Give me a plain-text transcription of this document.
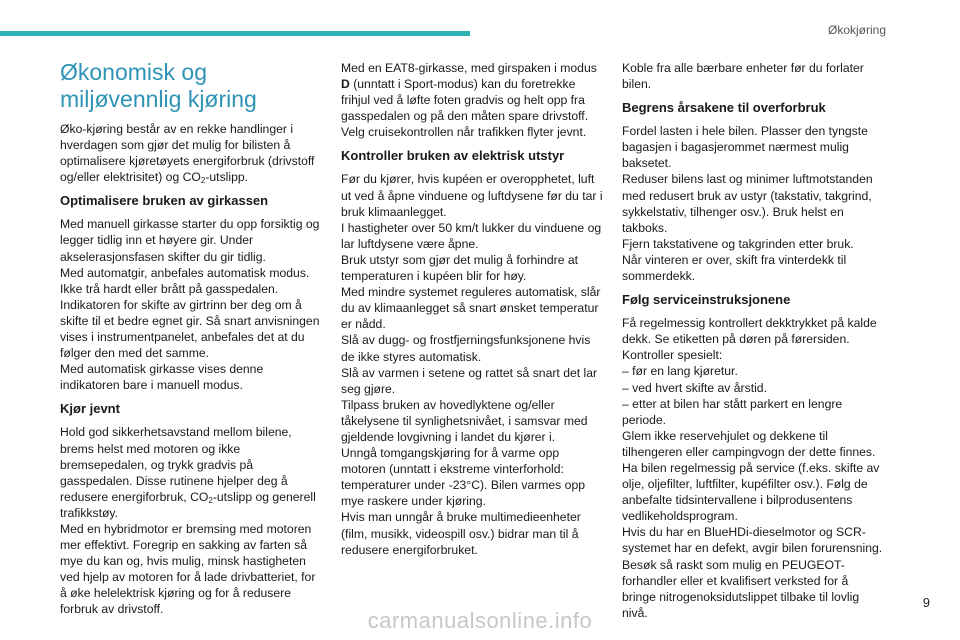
Økokjøring
Økonomisk og miljøvennlig kjøring

Øko-kjøring består av en rekke handlinger i hverdagen som gjør det mulig for bilisten å optimalisere kjøretøyets energiforbruk (drivstoff og/eller elektrisitet) og $CO_2$-utslipp.

Optimalisere bruken av girkassen

Med manuell girkasse starter du opp forsiktig og legger tidlig inn et høyere gir. Under akselerasjonsfasen skifter du gir tidlig.

Med automatgir, anbefales automatisk modus. Ikke trå hardt eller brått på gasspedalen.

Indikatoren for skifte av girtrinn ber deg om å skifte til et bedre egnet gir. Så snart anvisningen vises i instrumentpanelet, anbefales det at du følger den med det samme.

Med automatisk girkasse vises denne indikatoren bare i manuell modus.

Kjør jevnt

Hold god sikkerhetsavstand mellom bilene, brems helst med motoren og ikke bremsepedalen, og trykk gradvis på gasspedalen. Disse rutinene hjelper deg å redusere energiforbruk, $CO_2$-utslipp og generell trafikkstøy.

Med en hybridmotor er bremsing med motoren mer effektivt. Foregrip en sakking av farten så mye du kan og, hvis mulig, minsk hastigheten ved hjelp av motoren for å lade drivbatteriet, for å øke helelektrisk kjøring og for å redusere forbruk av drivstoff.

Med en EAT8-girkasse, med girspaken i modus D (unntatt i Sport-modus) kan du foretrekke frihjul ved å løfte foten gradvis og helt opp fra gasspedalen og på den måten spare drivstoff.

Velg cruisekontrollen når trafikken flyter jevnt.

Kontroller bruken av elektrisk utstyr

Før du kjører, hvis kupéen er overopphetet, luft ut ved å åpne vinduene og luftdysene før du tar i bruk klimaanlegget.

I hastigheter over 50 km/t lukker du vinduene og lar luftdysene være åpne.

Bruk utstyr som gjør det mulig å forhindre at temperaturen i kupéen blir for høy.

Med mindre systemet reguleres automatisk, slår du av klimaanlegget så snart ønsket temperatur er nådd.

Slå av dugg- og frostfjerningsfunksjonene hvis de ikke styres automatisk.

Slå av varmen i setene og rattet så snart det lar seg gjøre.

Tilpass bruken av hovedlyktene og/eller tåkelysene til synlighetsnivået, i samsvar med gjeldende lovgivning i landet du kjører i.

Unngå tomgangskjøring for å varme opp motoren (unntatt i ekstreme vinterforhold: temperaturer under -23°C). Bilen varmes opp mye raskere under kjøring.

Hvis man unngår å bruke multimedieenheter (film, musikk, videospill osv.) bidrar man til å redusere energiforbruket.

Koble fra alle bærbare enheter før du forlater bilen.

Begrens årsakene til overforbruk

Fordel lasten i hele bilen. Plasser den tyngste bagasjen i bagasjerommet nærmest mulig baksetet.

Reduser bilens last og minimer luftmotstanden med redusert bruk av ustyr (takstativ, takgrind, sykkelstativ, tilhenger osv.). Bruk helst en takboks.

Fjern takstativene og takgrinden etter bruk.

Når vinteren er over, skift fra vinterdekk til sommerdekk.

Følg serviceinstruksjonene

Få regelmessig kontrollert dekktrykket på kalde dekk. Se etiketten på døren på førersiden.

Kontroller spesielt:

– før en lang kjøretur.

– ved hvert skifte av årstid.

– etter at bilen har stått parkert en lengre periode.

Glem ikke reservehjulet og dekkene til tilhengeren eller campingvogn der dette finnes.

Ha bilen regelmessig på service (f.eks. skifte av olje, oljefilter, luftfilter, kupéfilter osv.). Følg de anbefalte tidsintervallene i bilprodusentens vedlikeholdsprogram.

Hvis du har en BlueHDi-dieselmotor og SCR-systemet har en defekt, avgir bilen forurensning. Besøk så raskt som mulig en PEUGEOT-forhandler eller et kvalifisert verksted for å bringe nitrogenoksidutslippet tilbake til lovlig nivå.

9
carmanualsonline.info
